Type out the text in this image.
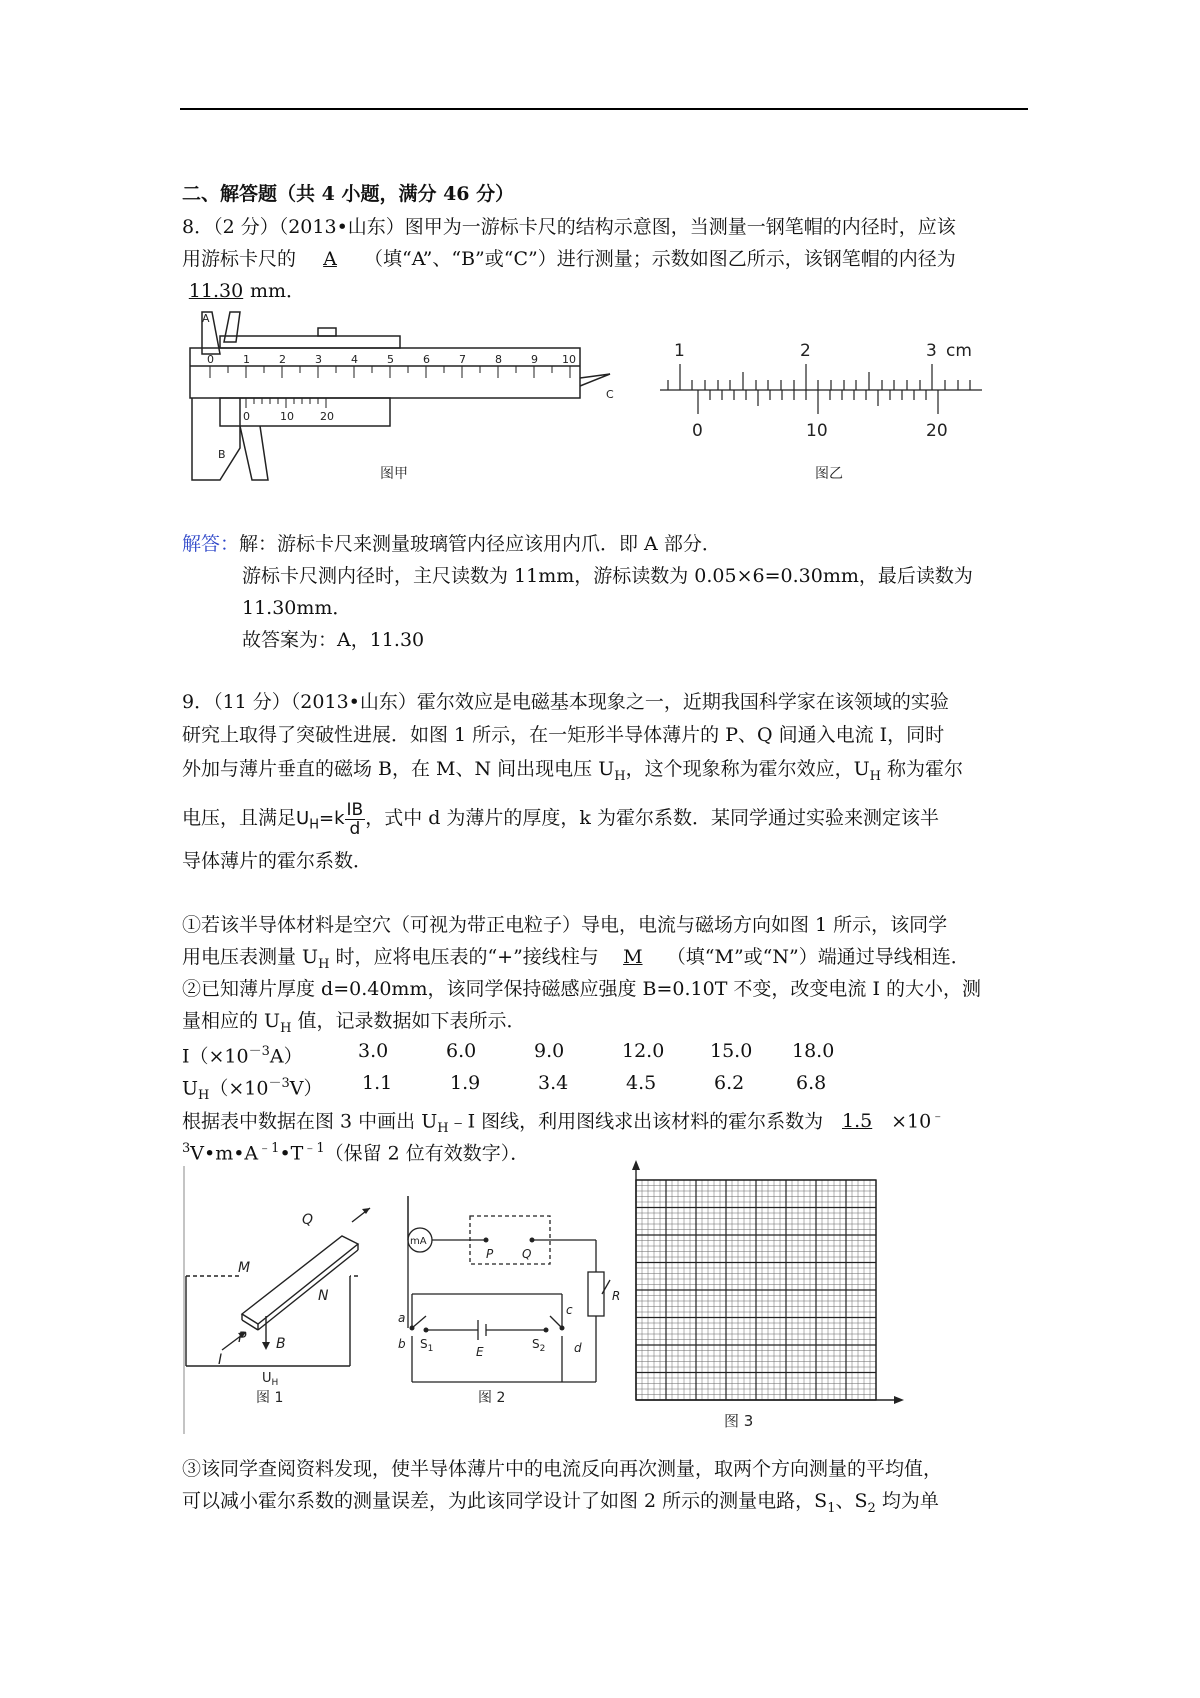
二、解答题（共 4 小题，满分 46 分）
8．（2 分）（2013•山东）图甲为一游标卡尺的结构示意图，当测量一钢笔帽的内径时，应该
用游标卡尺的 A （填“A”、“B”或“C”）进行测量；示数如图乙所示，该钢笔帽的内径为
11.30 mm．
A
B
C
0	1	2	3	4	5	6	7	8	9 10
0	10 20
图甲
1	2	3 cm
0	10	20
图乙
解答：解：游标卡尺来测量玻璃管内径应该用内爪．即 A 部分．
游标卡尺测内径时，主尺读数为 11mm，游标读数为 0.05×6=0.30mm，最后读数为
11.30mm．
故答案为：A，11.30
9．（11 分）（2013•山东）霍尔效应是电磁基本现象之一，近期我国科学家在该领域的实验
研究上取得了突破性进展．如图 1 所示，在一矩形半导体薄片的 P、Q 间通入电流 I，同时
外加与薄片垂直的磁场 B，在 M、N 间出现电压 $U_H$，这个现象称为霍尔效应，$U_H$ 称为霍尔
电压，且满足$U_H=k \frac{IB}{d}$ ，式中 d 为薄片的厚度，k 为霍尔系数．某同学通过实验来测定该半
导体薄片的霍尔系数．
①若该半导体材料是空穴（可视为带正电粒子）导电，电流与磁场方向如图 1 所示，该同学
用电压表测量 $U_H$ 时，应将电压表的“+”接线柱与 M （填“M”或“N”）端通过导线相连．
②已知薄片厚度 d=0.40mm，该同学保持磁感应强度 B=0.10T 不变，改变电流 I 的大小，测
量相应的 $U_H$ 值，记录数据如下表所示．
$I(\times 10^{-3}A)$	3.0	6.0	9.0	12.0 15.0 18.0
$U_H(\times 10^{-3}V)$ 1.1	1.9	3.4	4.5	6.2	6.8
根据表中数据在图 3 中画出 $U_H﹣I$ 图线，利用图线求出该材料的霍尔系数为 1.5 ×10﹣
$^3V•m•A^{﹣1}•T^{﹣1}$（保留 2 位有效数字）．
Q
M
N
P
I
B
$U_H$
图 1
mA
P Q
R
a
b
c
d
E
$S_1$	$S_2$
图 2
图 3
③该同学查阅资料发现，使半导体薄片中的电流反向再次测量，取两个方向测量的平均值，
可以减小霍尔系数的测量误差，为此该同学设计了如图 2 所示的测量电路，$S_1$、$S_2$ 均为单
